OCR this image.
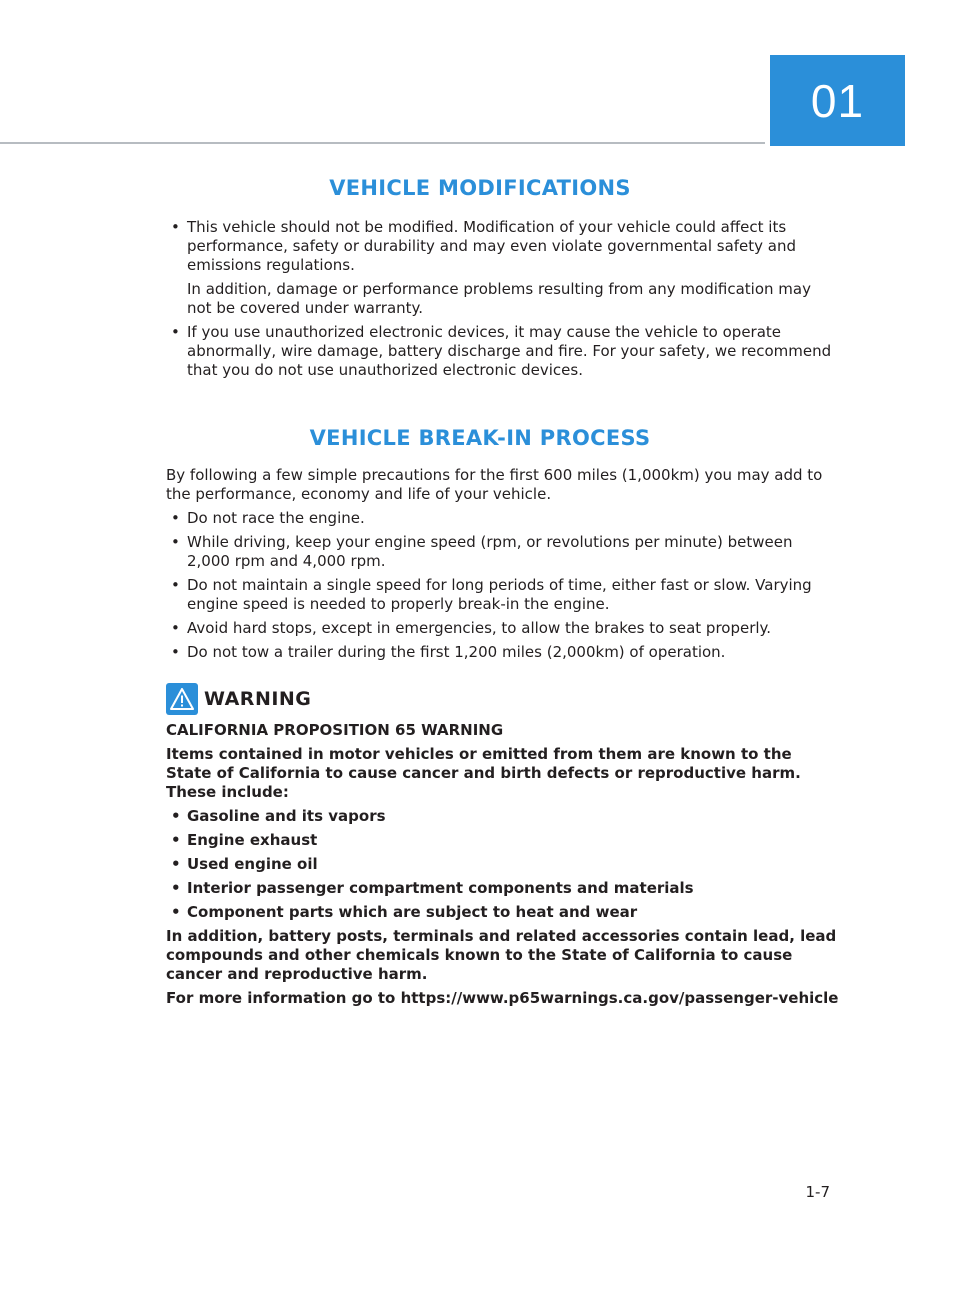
01
VEHICLE MODIFICATIONS
• This vehicle should not be modified. Modification of your vehicle could affect its performance, safety or durability and may even violate governmental safety and emissions regulations.
In addition, damage or performance problems resulting from any modification may not be covered under warranty.
• If you use unauthorized electronic devices, it may cause the vehicle to operate abnormally, wire damage, battery discharge and fire. For your safety, we recommend that you do not use unauthorized electronic devices.
VEHICLE BREAK-IN PROCESS

By following a few simple precautions for the first 600 miles (1,000km) you may add to the performance, economy and life of your vehicle.

• Do not race the engine.
• While driving, keep your engine speed (rpm, or revolutions per minute) between 2,000 rpm and 4,000 rpm.
• Do not maintain a single speed for long periods of time, either fast or slow. Varying engine speed is needed to properly break-in the engine.
• Avoid hard stops, except in emergencies, to allow the brakes to seat properly.
• Do not tow a trailer during the first 1,200 miles (2,000km) of operation.
WARNING

CALIFORNIA PROPOSITION 65 WARNING

Items contained in motor vehicles or emitted from them are known to the State of California to cause cancer and birth defects or reproductive harm. These include:

• Gasoline and its vapors
• Engine exhaust
• Used engine oil
• Interior passenger compartment components and materials
• Component parts which are subject to heat and wear

In addition, battery posts, terminals and related accessories contain lead, lead compounds and other chemicals known to the State of California to cause cancer and reproductive harm.

For more information go to https://www.p65warnings.ca.gov/passenger-vehicle

1-7
